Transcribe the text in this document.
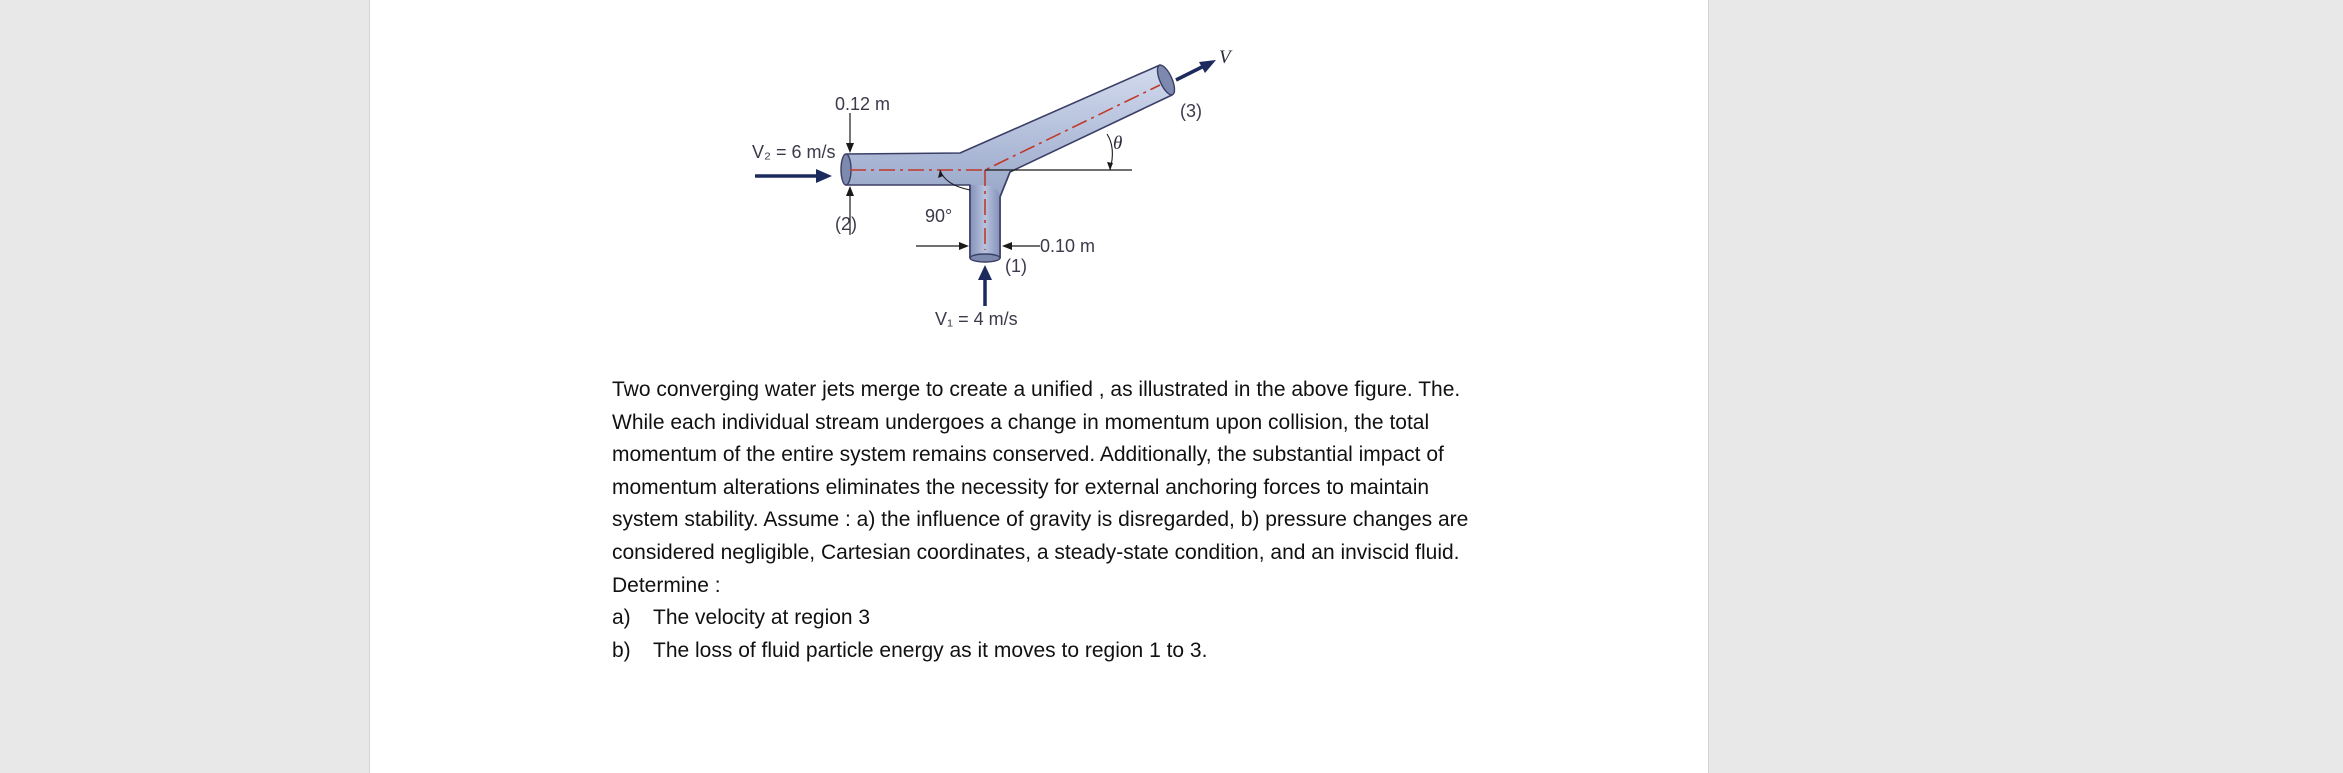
θ
90°
0.12 m
(2)
V₂ = 6 m/s
0.10 m
(1)
V₁ = 4 m/s
V
(3)

Two converging water jets merge to create a unified , as illustrated in the above figure. The.
While each individual stream undergoes a change in momentum upon collision, the total
momentum of the entire system remains conserved. Additionally, the substantial impact of
momentum alterations eliminates the necessity for external anchoring forces to maintain
system stability. Assume : a) the influence of gravity is disregarded, b) pressure changes are
considered negligible, Cartesian coordinates, a steady-state condition, and an inviscid fluid.

Determine :
a) The velocity at region 3
b) The loss of fluid particle energy as it moves to region 1 to 3.
